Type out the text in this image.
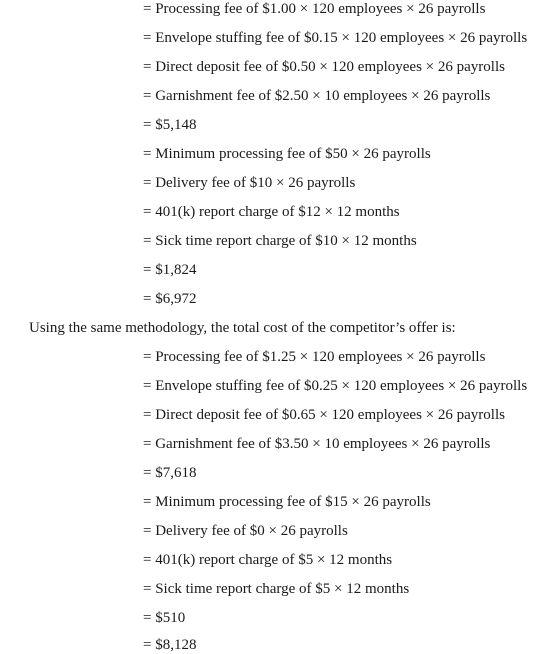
= Processing fee of $1.00 × 120 employees × 26 payrolls
= Envelope stuffing fee of $0.15 × 120 employees × 26 payrolls
= Direct deposit fee of $0.50 × 120 employees × 26 payrolls
= Garnishment fee of $2.50 × 10 employees × 26 payrolls
= $5,148
= Minimum processing fee of $50 × 26 payrolls
= Delivery fee of $10 × 26 payrolls
= 401(k) report charge of $12 × 12 months
= Sick time report charge of $10 × 12 months
= $1,824
= $6,972
Using the same methodology, the total cost of the competitor’s offer is:
= Processing fee of $1.25 × 120 employees × 26 payrolls
= Envelope stuffing fee of $0.25 × 120 employees × 26 payrolls
= Direct deposit fee of $0.65 × 120 employees × 26 payrolls
= Garnishment fee of $3.50 × 10 employees × 26 payrolls
= $7,618
= Minimum processing fee of $15 × 26 payrolls
= Delivery fee of $0 × 26 payrolls
= 401(k) report charge of $5 × 12 months
= Sick time report charge of $5 × 12 months
= $510
= $8,128
